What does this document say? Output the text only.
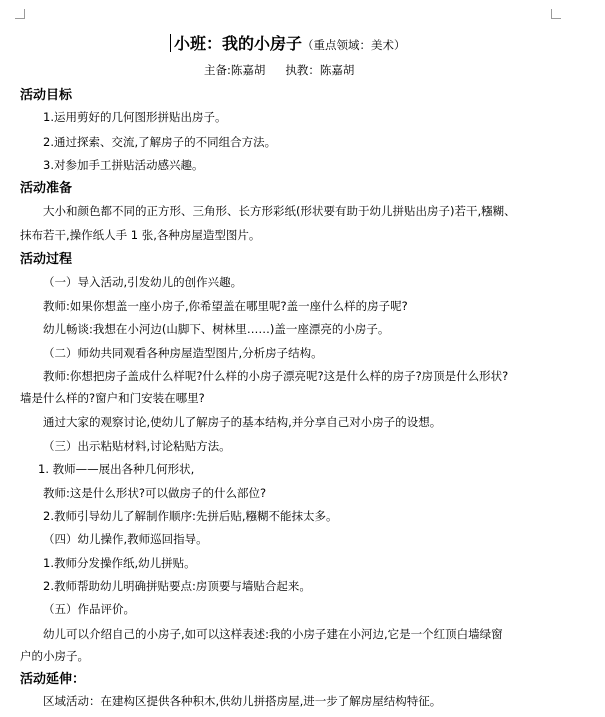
小班：我的小房子（重点领域：美术）
主备:陈嘉胡 执教：陈嘉胡
活动目标
1.运用剪好的几何图形拼贴出房子。
2.通过探索、交流,了解房子的不同组合方法。
3.对参加手工拼贴活动感兴趣。
活动准备
大小和颜色都不同的正方形、三角形、长方形彩纸(形状要有助于幼儿拼贴出房子)若干,糨糊、
抹布若干,操作纸人手 1 张,各种房屋造型图片。
活动过程
（一）导入活动,引发幼儿的创作兴趣。
教师:如果你想盖一座小房子,你希望盖在哪里呢?盖一座什么样的房子呢?
幼儿畅谈:我想在小河边(山脚下、树林里……)盖一座漂亮的小房子。
（二）师幼共同观看各种房屋造型图片,分析房子结构。
教师:你想把房子盖成什么样呢?什么样的小房子漂亮呢?这是什么样的房子?房顶是什么形状?
墙是什么样的?窗户和门安装在哪里?
通过大家的观察讨论,使幼儿了解房子的基本结构,并分享自己对小房子的设想。
（三）出示粘贴材料,讨论粘贴方法。
1. 教师——展出各种几何形状,
教师:这是什么形状?可以做房子的什么部位?
2.教师引导幼儿了解制作顺序:先拼后贴,糨糊不能抹太多。
（四）幼儿操作,教师巡回指导。
1.教师分发操作纸,幼儿拼贴。
2.教师帮助幼儿明确拼贴要点:房顶要与墙贴合起来。
（五）作品评价。
幼儿可以介绍自己的小房子,如可以这样表述:我的小房子建在小河边,它是一个红顶白墙绿窗
户的小房子。
活动延伸：
区域活动：在建构区提供各种积木,供幼儿拼搭房屋,进一步了解房屋结构特征。
